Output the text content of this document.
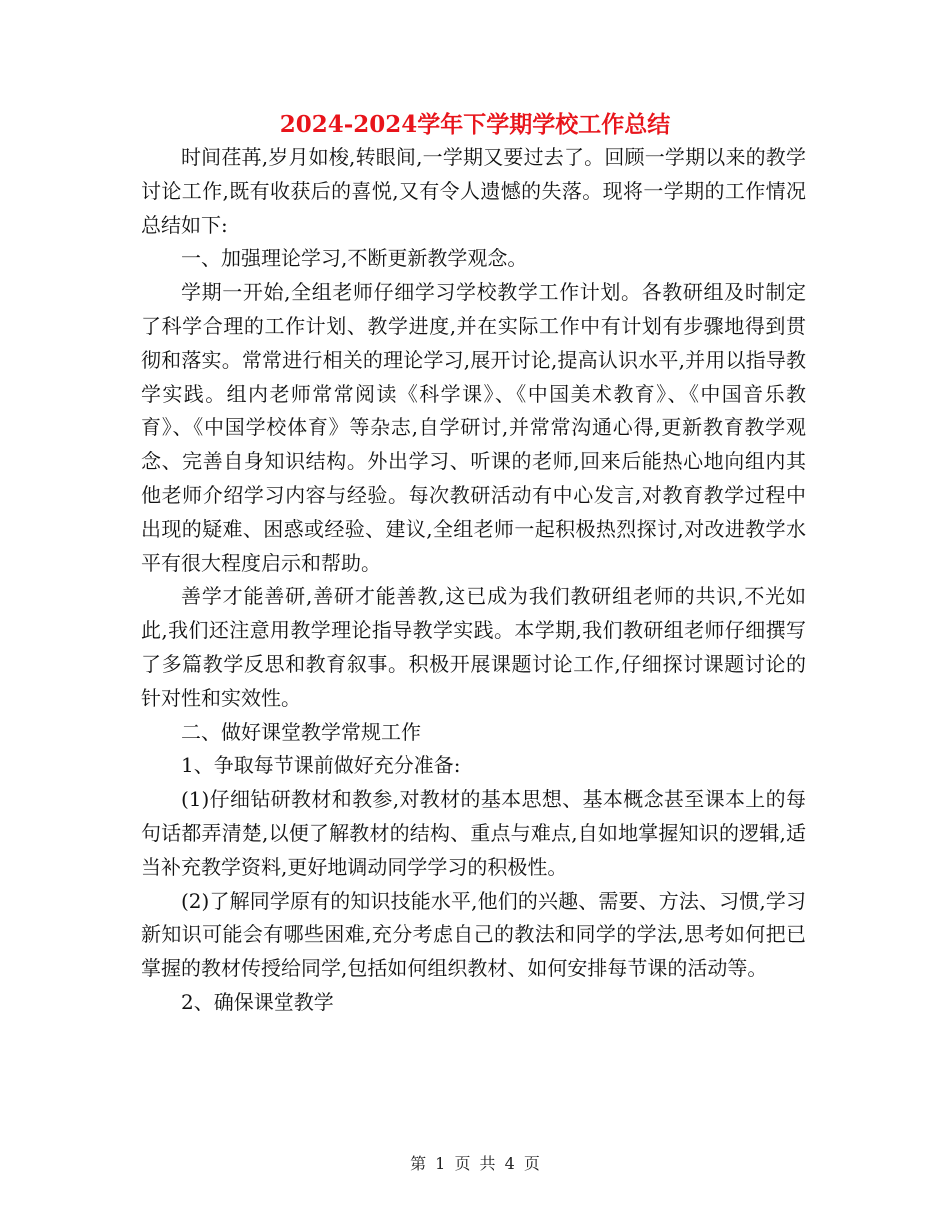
2024-2024学年下学期学校工作总结

时间荏苒,岁月如梭,转眼间,一学期又要过去了。回顾一学期以来的教学讨论工作,既有收获后的喜悦,又有令人遗憾的失落。现将一学期的工作情况总结如下:

一、加强理论学习,不断更新教学观念。

学期一开始,全组老师仔细学习学校教学工作计划。各教研组及时制定了科学合理的工作计划、教学进度,并在实际工作中有计划有步骤地得到贯彻和落实。常常进行相关的理论学习,展开讨论,提高认识水平,并用以指导教学实践。组内老师常常阅读《科学课》、《中国美术教育》、《中国音乐教育》、《中国学校体育》等杂志,自学研讨,并常常沟通心得,更新教育教学观念、完善自身知识结构。外出学习、听课的老师,回来后能热心地向组内其他老师介绍学习内容与经验。每次教研活动有中心发言,对教育教学过程中出现的疑难、困惑或经验、建议,全组老师一起积极热烈探讨,对改进教学水平有很大程度启示和帮助。

善学才能善研,善研才能善教,这已成为我们教研组老师的共识,不光如此,我们还注意用教学理论指导教学实践。本学期,我们教研组老师仔细撰写了多篇教学反思和教育叙事。积极开展课题讨论工作,仔细探讨课题讨论的针对性和实效性。

二、做好课堂教学常规工作

1、争取每节课前做好充分准备:

(1)仔细钻研教材和教参,对教材的基本思想、基本概念甚至课本上的每句话都弄清楚,以便了解教材的结构、重点与难点,自如地掌握知识的逻辑,适当补充教学资料,更好地调动同学学习的积极性。

(2)了解同学原有的知识技能水平,他们的兴趣、需要、方法、习惯,学习新知识可能会有哪些困难,充分考虑自己的教法和同学的学法,思考如何把已掌握的教材传授给同学,包括如何组织教材、如何安排每节课的活动等。

2、确保课堂教学

第 1 页 共 4 页
